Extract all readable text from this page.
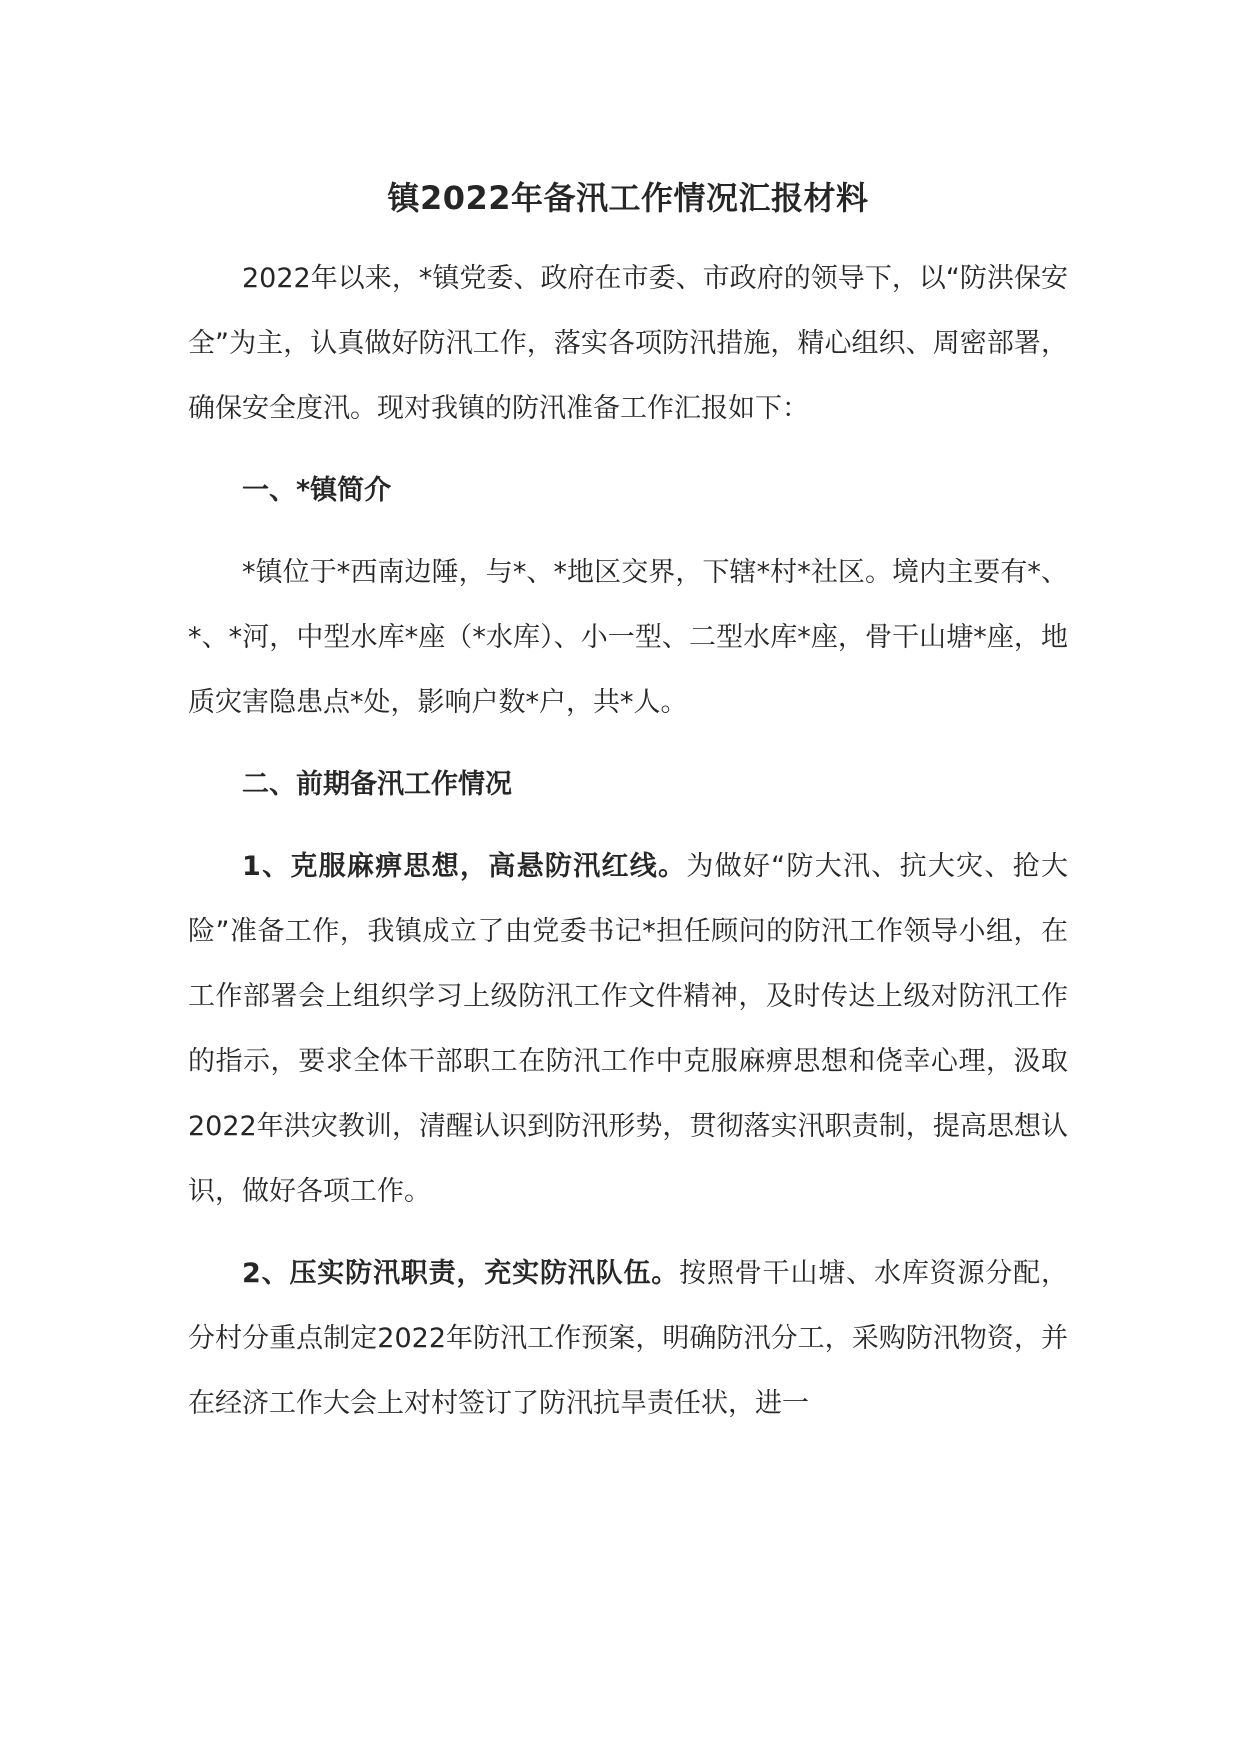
镇2022年备汛工作情况汇报材料

2022年以来，*镇党委、政府在市委、市政府的领导下，以“防洪保安全”为主，认真做好防汛工作，落实各项防汛措施，精心组织、周密部署，确保安全度汛。现对我镇的防汛准备工作汇报如下：

一、*镇简介

*镇位于*西南边陲，与*、*地区交界，下辖*村*社区。境内主要有*、*、*河，中型水库*座（*水库）、小一型、二型水库*座，骨干山塘*座，地质灾害隐患点*处，影响户数*户，共*人。

二、前期备汛工作情况

1、克服麻痹思想，高悬防汛红线。为做好“防大汛、抗大灾、抢大险”准备工作，我镇成立了由党委书记*担任顾问的防汛工作领导小组，在工作部署会上组织学习上级防汛工作文件精神，及时传达上级对防汛工作的指示，要求全体干部职工在防汛工作中克服麻痹思想和侥幸心理，汲取2022年洪灾教训，清醒认识到防汛形势，贯彻落实汛职责制，提高思想认识，做好各项工作。

2、压实防汛职责，充实防汛队伍。按照骨干山塘、水库资源分配，分村分重点制定2022年防汛工作预案，明确防汛分工，采购防汛物资，并在经济工作大会上对村签订了防汛抗旱责任状，进一
